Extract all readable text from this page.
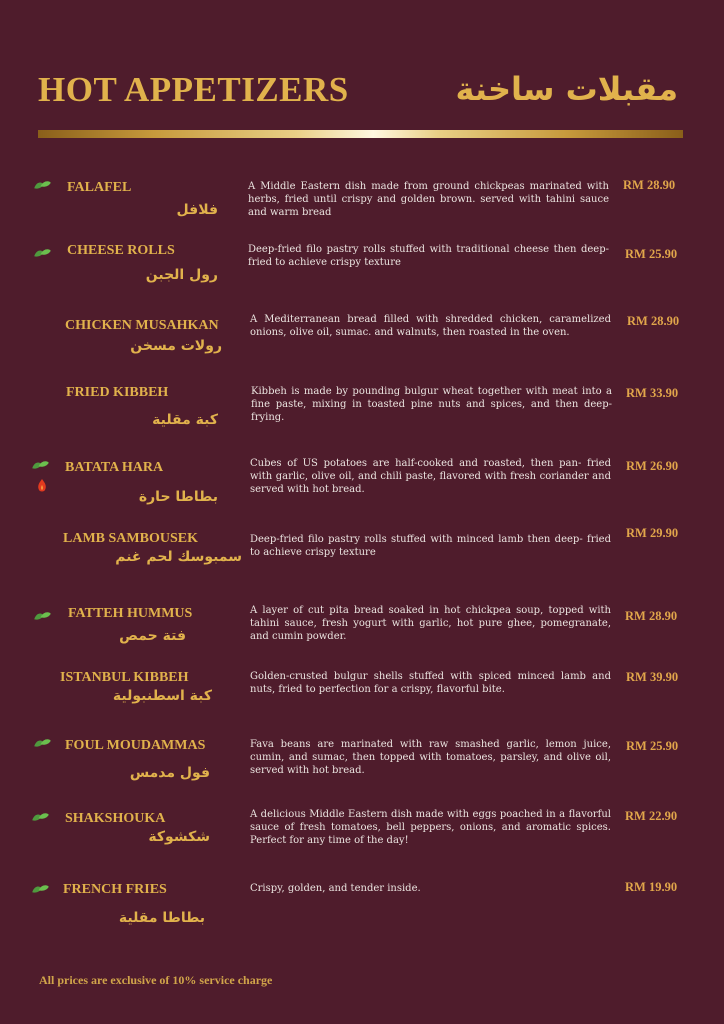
HOT APPETIZERS	مقبلات ساخنة
FALAFEL
فلافل
A Middle Eastern dish made from ground chickpeas marinated with herbs, fried until crispy and golden brown. served with tahini sauce and warm bread
RM 28.90
CHEESE ROLLS
رول الجبن
Deep-fried filo pastry rolls stuffed with traditional cheese then deep-fried to achieve crispy texture
RM 25.90
CHICKEN MUSAHKAN
رولات مسخن
A Mediterranean bread filled with shredded chicken, caramelized onions, olive oil, sumac. and walnuts, then roasted in the oven.
RM 28.90
FRIED KIBBEH
كبة مقلية
Kibbeh is made by pounding bulgur wheat together with meat into a fine paste, mixing in toasted pine nuts and spices, and then deep- frying.
RM 33.90
BATATA HARA
بطاطا حارة
Cubes of US potatoes are half-cooked and roasted, then pan- fried with garlic, olive oil, and chili paste, flavored with fresh coriander and served with hot bread.
RM 26.90
LAMB SAMBOUSEK
سمبوسك لحم غنم
Deep-fried filo pastry rolls stuffed with minced lamb then deep- fried to achieve crispy texture
RM 29.90
FATTEH HUMMUS
فتة حمص
A layer of cut pita bread soaked in hot chickpea soup, topped with tahini sauce, fresh yogurt with garlic, hot pure ghee, pomegranate, and cumin powder.
RM 28.90
ISTANBUL KIBBEH
كبة اسطنبولية
Golden-crusted bulgur shells stuffed with spiced minced lamb and nuts, fried to perfection for a crispy, flavorful bite.
RM 39.90
FOUL MOUDAMMAS
فول مدمس
Fava beans are marinated with raw smashed garlic, lemon juice, cumin, and sumac, then topped with tomatoes, parsley, and olive oil, served with hot bread.
RM 25.90
SHAKSHOUKA
شكشوكة
A delicious Middle Eastern dish made with eggs poached in a flavorful sauce of fresh tomatoes, bell peppers, onions, and aromatic spices. Perfect for any time of the day!
RM 22.90
FRENCH FRIES
بطاطا مقلية
Crispy, golden, and tender inside.	RM 19.90
All prices are exclusive of 10% service charge
